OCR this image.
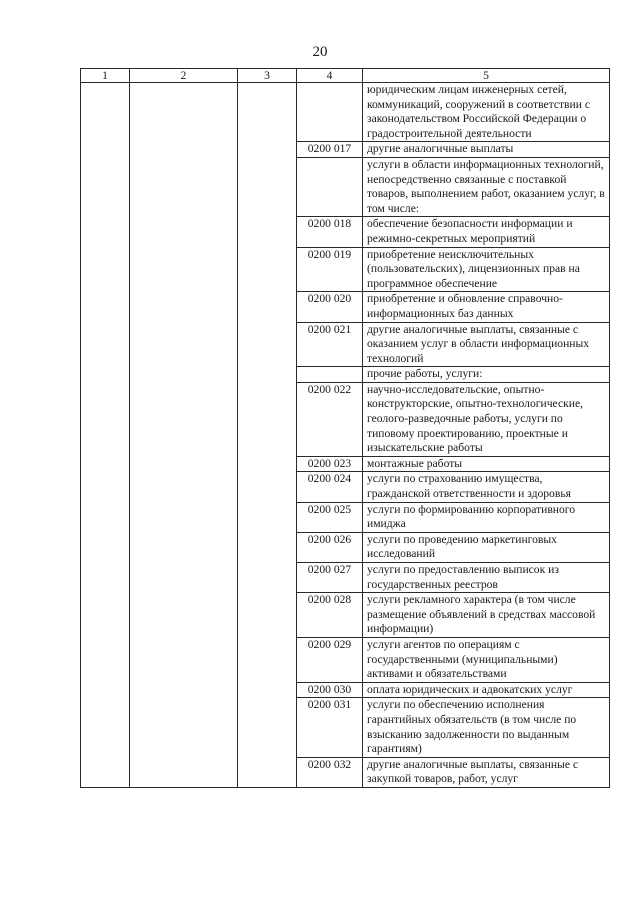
20
1	2	3	4	5
				юридическим лицам инженерных сетей, коммуникаций, сооружений в соответствии с законодательством Российской Федерации о градостроительной деятельности
			0200 017	другие аналогичные выплаты
				услуги в области информационных технологий, непосредственно связанные с поставкой товаров, выполнением работ, оказанием услуг, в том числе:
			0200 018	обеспечение безопасности информации и режимно-секретных мероприятий
			0200 019	приобретение неисключительных (пользовательских), лицензионных прав на программное обеспечение
			0200 020	приобретение и обновление справочно-информационных баз данных
			0200 021	другие аналогичные выплаты, связанные с оказанием услуг в области информационных технологий
				прочие работы, услуги:
			0200 022	научно-исследовательские, опытно-конструкторские, опытно-технологические, геолого-разведочные работы, услуги по типовому проектированию, проектные и изыскательские работы
			0200 023	монтажные работы
			0200 024	услуги по страхованию имущества, гражданской ответственности и здоровья
			0200 025	услуги по формированию корпоративного имиджа
			0200 026	услуги по проведению маркетинговых исследований
			0200 027	услуги по предоставлению выписок из государственных реестров
			0200 028	услуги рекламного характера (в том числе размещение объявлений в средствах массовой информации)
			0200 029	услуги агентов по операциям с государственными (муниципальными) активами и обязательствами
			0200 030	оплата юридических и адвокатских услуг
			0200 031	услуги по обеспечению исполнения гарантийных обязательств (в том числе по взысканию задолженности по выданным гарантиям)
			0200 032	другие аналогичные выплаты, связанные с закупкой товаров, работ, услуг
